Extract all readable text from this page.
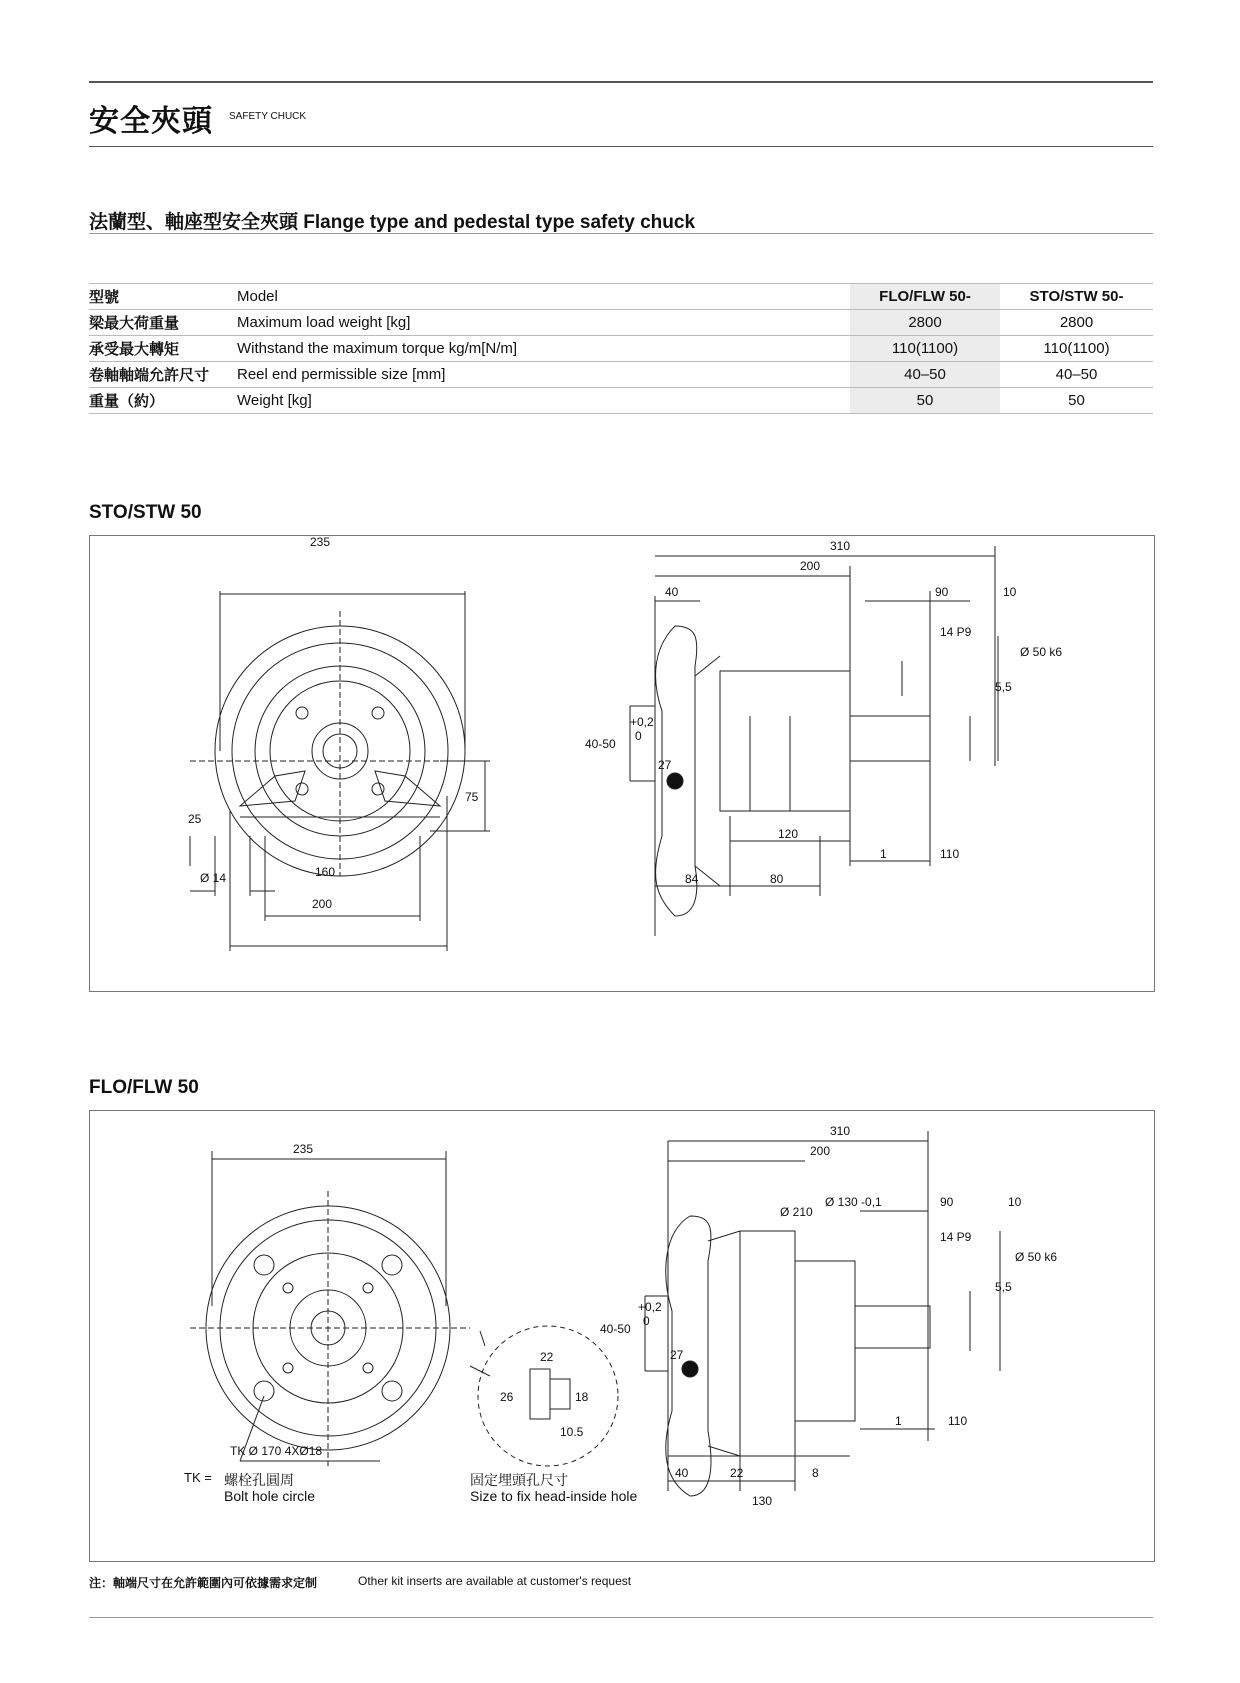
安全夾頭 SAFETY CHUCK
法蘭型、軸座型安全夾頭 Flange type and pedestal type safety chuck
型號	Model	FLO/FLW 50-	STO/STW 50-
梁最大荷重量	Maximum load weight [kg]	2800	2800
承受最大轉矩	Withstand the maximum torque kg/m[N/m]	110(1100)	110(1100)
卷軸軸端允許尺寸	Reel end permissible size [mm]	40–50	40–50
重量（約）	Weight [kg]	50	50
STO/STW 50
235
160
200
75
25
Ø 14
310
200
40	90	10
14 P9
5,5
Ø 50 k6
40-50
+0,2
0
27
120
1	110
84	80
FLO/FLW 50
235
TK Ø 170 4XØ18
22
26	18
10.5
310
200
Ø 210
Ø 130 -0,1	90	10
14 P9
5,5
Ø 50 k6
40-50
+0,2
0
27
1	110
40	22	8
130
TK = 螺栓孔圓周
Bolt hole circle
固定埋頭孔尺寸
Size to fix head-inside hole
注：軸端尺寸在允許範圍內可依據需求定制	Other kit inserts are available at customer's request
